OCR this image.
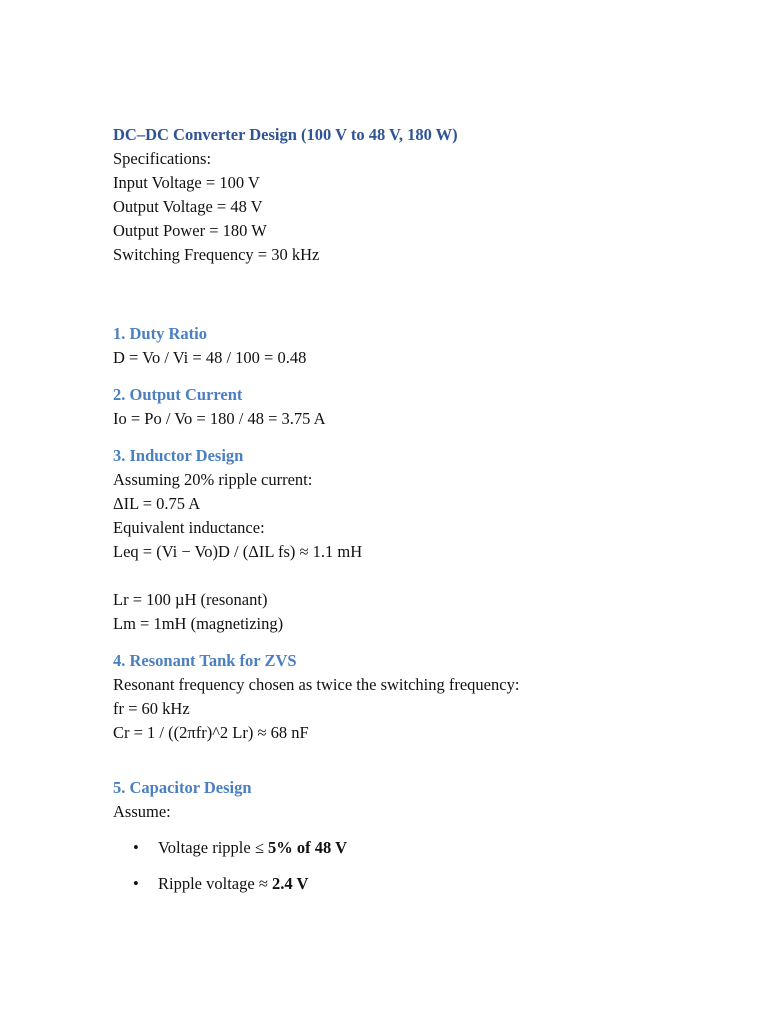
DC–DC Converter Design (100 V to 48 V, 180 W)
Specifications:
Input Voltage = 100 V
Output Voltage = 48 V
Output Power = 180 W
Switching Frequency = 30 kHz
1. Duty Ratio
D = Vo / Vi = 48 / 100 = 0.48
2. Output Current
Io = Po / Vo = 180 / 48 = 3.75 A
3. Inductor Design
Assuming 20% ripple current:
ΔIL = 0.75 A
Equivalent inductance:
Leq = (Vi − Vo)D / (ΔIL fs) ≈ 1.1 mH
Lr = 100 µH (resonant)
Lm = 1mH (magnetizing)
4. Resonant Tank for ZVS
Resonant frequency chosen as twice the switching frequency:
fr = 60 kHz
Cr = 1 / ((2πfr)^2 Lr) ≈ 68 nF
5. Capacitor Design
Assume:
• Voltage ripple ≤ 5% of 48 V
• Ripple voltage ≈ 2.4 V
